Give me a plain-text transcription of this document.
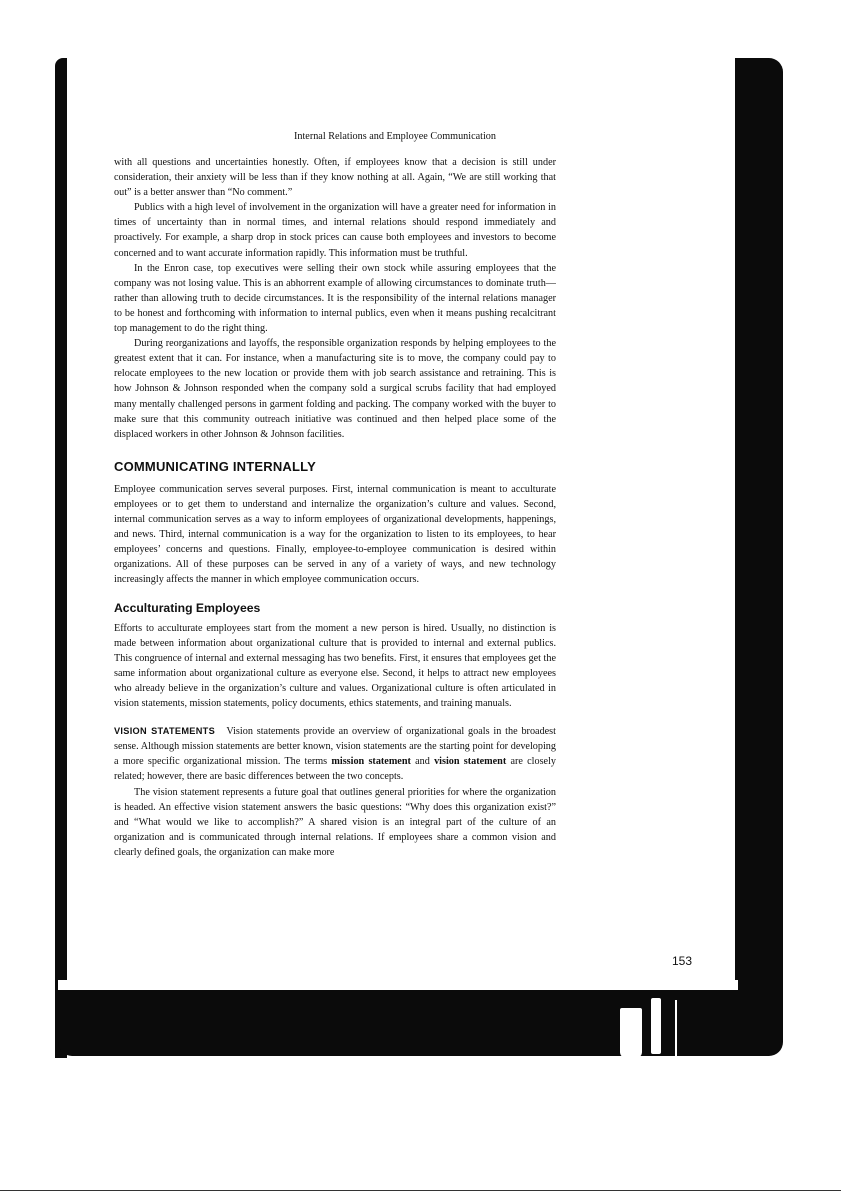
Internal Relations and Employee Communication

with all questions and uncertainties honestly. Often, if employees know that a decision is still under consideration, their anxiety will be less than if they know nothing at all. Again, “We are still working that out” is a better answer than “No comment.”

Publics with a high level of involvement in the organization will have a greater need for information in times of uncertainty than in normal times, and internal relations should respond immediately and proactively. For example, a sharp drop in stock prices can cause both employees and investors to become concerned and to want accurate information rapidly. This information must be truthful.

In the Enron case, top executives were selling their own stock while assuring employees that the company was not losing value. This is an abhorrent example of allowing circumstances to dominate truth—rather than allowing truth to decide circumstances. It is the responsibility of the internal relations manager to be honest and forthcoming with information to internal publics, even when it means pushing recalcitrant top management to do the right thing.

During reorganizations and layoffs, the responsible organization responds by helping employees to the greatest extent that it can. For instance, when a manufacturing site is to move, the company could pay to relocate employees to the new location or provide them with job search assistance and retraining. This is how Johnson & Johnson responded when the company sold a surgical scrubs facility that had employed many mentally challenged persons in garment folding and packing. The company worked with the buyer to make sure that this community outreach initiative was continued and then helped place some of the displaced workers in other Johnson & Johnson facilities.

COMMUNICATING INTERNALLY

Employee communication serves several purposes. First, internal communication is meant to acculturate employees or to get them to understand and internalize the organization’s culture and values. Second, internal communication serves as a way to inform employees of organizational developments, happenings, and news. Third, internal communication is a way for the organization to listen to its employees, to hear employees’ concerns and questions. Finally, employee-to-employee communication is desired within organizations. All of these purposes can be served in any of a variety of ways, and new technology increasingly affects the manner in which employee communication occurs.

Acculturating Employees

Efforts to acculturate employees start from the moment a new person is hired. Usually, no distinction is made between information about organizational culture that is provided to internal and external publics. This congruence of internal and external messaging has two benefits. First, it ensures that employees get the same information about organizational culture as everyone else. Second, it helps to attract new employees who already believe in the organization’s culture and values. Organizational culture is often articulated in vision statements, mission statements, policy documents, ethics statements, and training manuals.

VISION STATEMENTS Vision statements provide an overview of organizational goals in the broadest sense. Although mission statements are better known, vision statements are the starting point for developing a more specific organizational mission. The terms mission statement and vision statement are closely related; however, there are basic differences between the two concepts.

The vision statement represents a future goal that outlines general priorities for where the organization is headed. An effective vision statement answers the basic questions: “Why does this organization exist?” and “What would we like to accomplish?” A shared vision is an integral part of the culture of an organization and is communicated through internal relations. If employees share a common vision and clearly defined goals, the organization can make more

153
